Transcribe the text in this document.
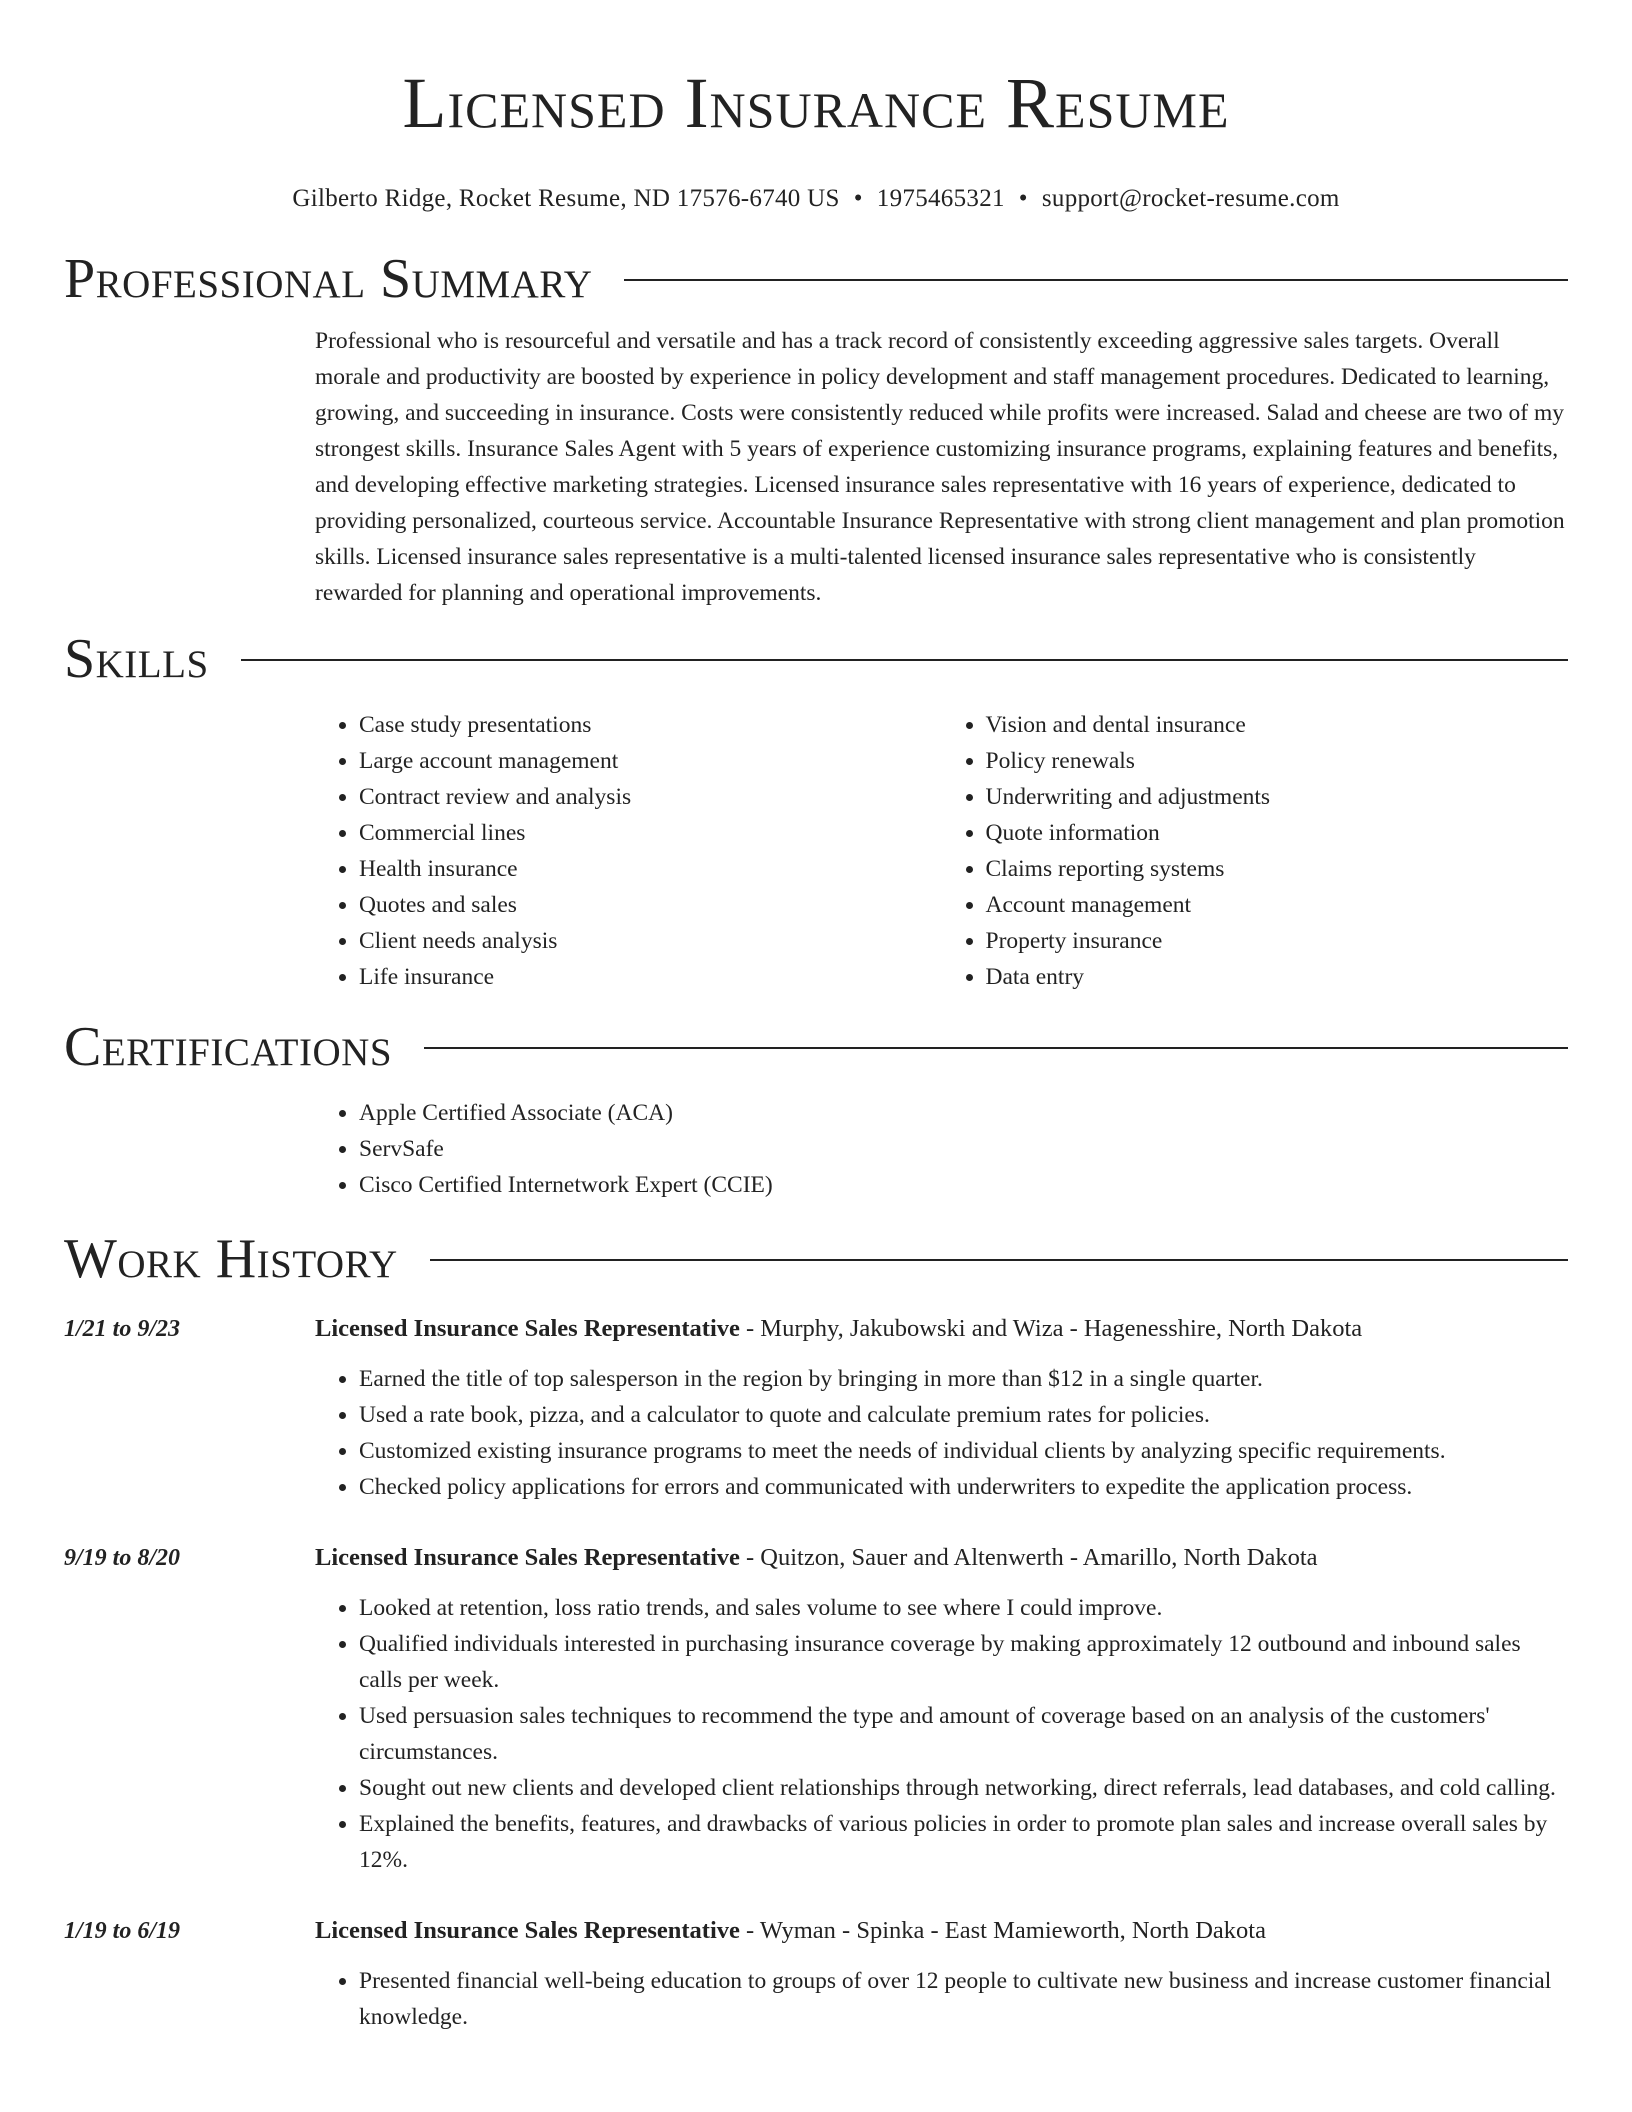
Licensed Insurance Resume
Gilberto Ridge, Rocket Resume, ND 17576-6740 US • 1975465321 • support@rocket-resume.com
Professional Summary

Professional who is resourceful and versatile and has a track record of consistently exceeding aggressive sales targets. Overall morale and productivity are boosted by experience in policy development and staff management procedures. Dedicated to learning, growing, and succeeding in insurance. Costs were consistently reduced while profits were increased. Salad and cheese are two of my strongest skills. Insurance Sales Agent with 5 years of experience customizing insurance programs, explaining features and benefits, and developing effective marketing strategies. Licensed insurance sales representative with 16 years of experience, dedicated to providing personalized, courteous service. Accountable Insurance Representative with strong client management and plan promotion skills. Licensed insurance sales representative is a multi-talented licensed insurance sales representative who is consistently rewarded for planning and operational improvements.

Skills
• Case study presentations
• Large account management
• Contract review and analysis
• Commercial lines
• Health insurance
• Quotes and sales
• Client needs analysis
• Life insurance
• Vision and dental insurance
• Policy renewals
• Underwriting and adjustments
• Quote information
• Claims reporting systems
• Account management
• Property insurance
• Data entry
Certifications
• Apple Certified Associate (ACA)
• ServSafe
• Cisco Certified Internetwork Expert (CCIE)
Work History
1/21 to 9/23	Licensed Insurance Sales Representative - Murphy, Jakubowski and Wiza - Hagenesshire, North Dakota
• Earned the title of top salesperson in the region by bringing in more than $12 in a single quarter.
• Used a rate book, pizza, and a calculator to quote and calculate premium rates for policies.
• Customized existing insurance programs to meet the needs of individual clients by analyzing specific requirements.
• Checked policy applications for errors and communicated with underwriters to expedite the application process.
9/19 to 8/20	Licensed Insurance Sales Representative - Quitzon, Sauer and Altenwerth - Amarillo, North Dakota
• Looked at retention, loss ratio trends, and sales volume to see where I could improve.
• Qualified individuals interested in purchasing insurance coverage by making approximately 12 outbound and inbound sales calls per week.
• Used persuasion sales techniques to recommend the type and amount of coverage based on an analysis of the customers' circumstances.
• Sought out new clients and developed client relationships through networking, direct referrals, lead databases, and cold calling.
• Explained the benefits, features, and drawbacks of various policies in order to promote plan sales and increase overall sales by 12%.
1/19 to 6/19	Licensed Insurance Sales Representative - Wyman - Spinka - East Mamieworth, North Dakota
• Presented financial well-being education to groups of over 12 people to cultivate new business and increase customer financial knowledge.
